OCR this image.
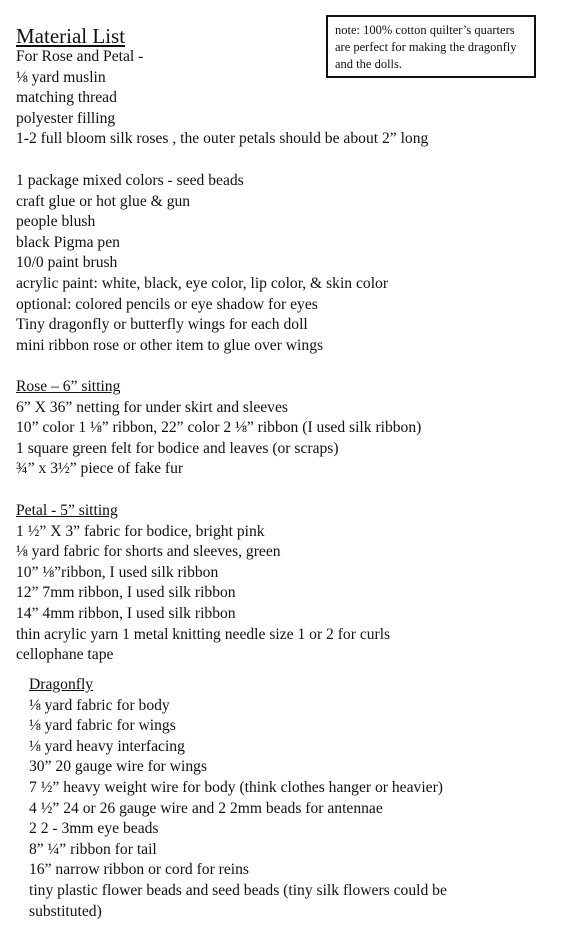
Material List	note: 100% cotton quilter’s quarters are perfect for making the dragonfly and the dolls.
For Rose and Petal -
⅛ yard muslin
matching thread
polyester filling
1-2 full bloom silk roses , the outer petals should be about 2” long
1 package mixed colors - seed beads
craft glue or hot glue & gun
people blush
black Pigma pen
10/0 paint brush
acrylic paint: white, black, eye color, lip color, & skin color
optional: colored pencils or eye shadow for eyes
Tiny dragonfly or butterfly wings for each doll
mini ribbon rose or other item to glue over wings
Rose – 6” sitting
6” X 36” netting for under skirt and sleeves
10” color 1 ⅛” ribbon, 22” color 2 ⅛” ribbon (I used silk ribbon)
1 square green felt for bodice and leaves (or scraps)
¾” x 3½” piece of fake fur
Petal - 5” sitting
1 ½” X 3” fabric for bodice, bright pink
⅛ yard fabric for shorts and sleeves, green
10” ⅛”ribbon, I used silk ribbon
12” 7mm ribbon, I used silk ribbon
14” 4mm ribbon, I used silk ribbon
thin acrylic yarn 1 metal knitting needle size 1 or 2 for curls
cellophane tape
Dragonfly
⅛ yard fabric for body
⅛ yard fabric for wings
⅛ yard heavy interfacing
30” 20 gauge wire for wings
7 ½” heavy weight wire for body (think clothes hanger or heavier)
4 ½” 24 or 26 gauge wire and 2 2mm beads for antennae
2 2 - 3mm eye beads
8” ¼” ribbon for tail
16” narrow ribbon or cord for reins
tiny plastic flower beads and seed beads (tiny silk flowers could be
substituted)
